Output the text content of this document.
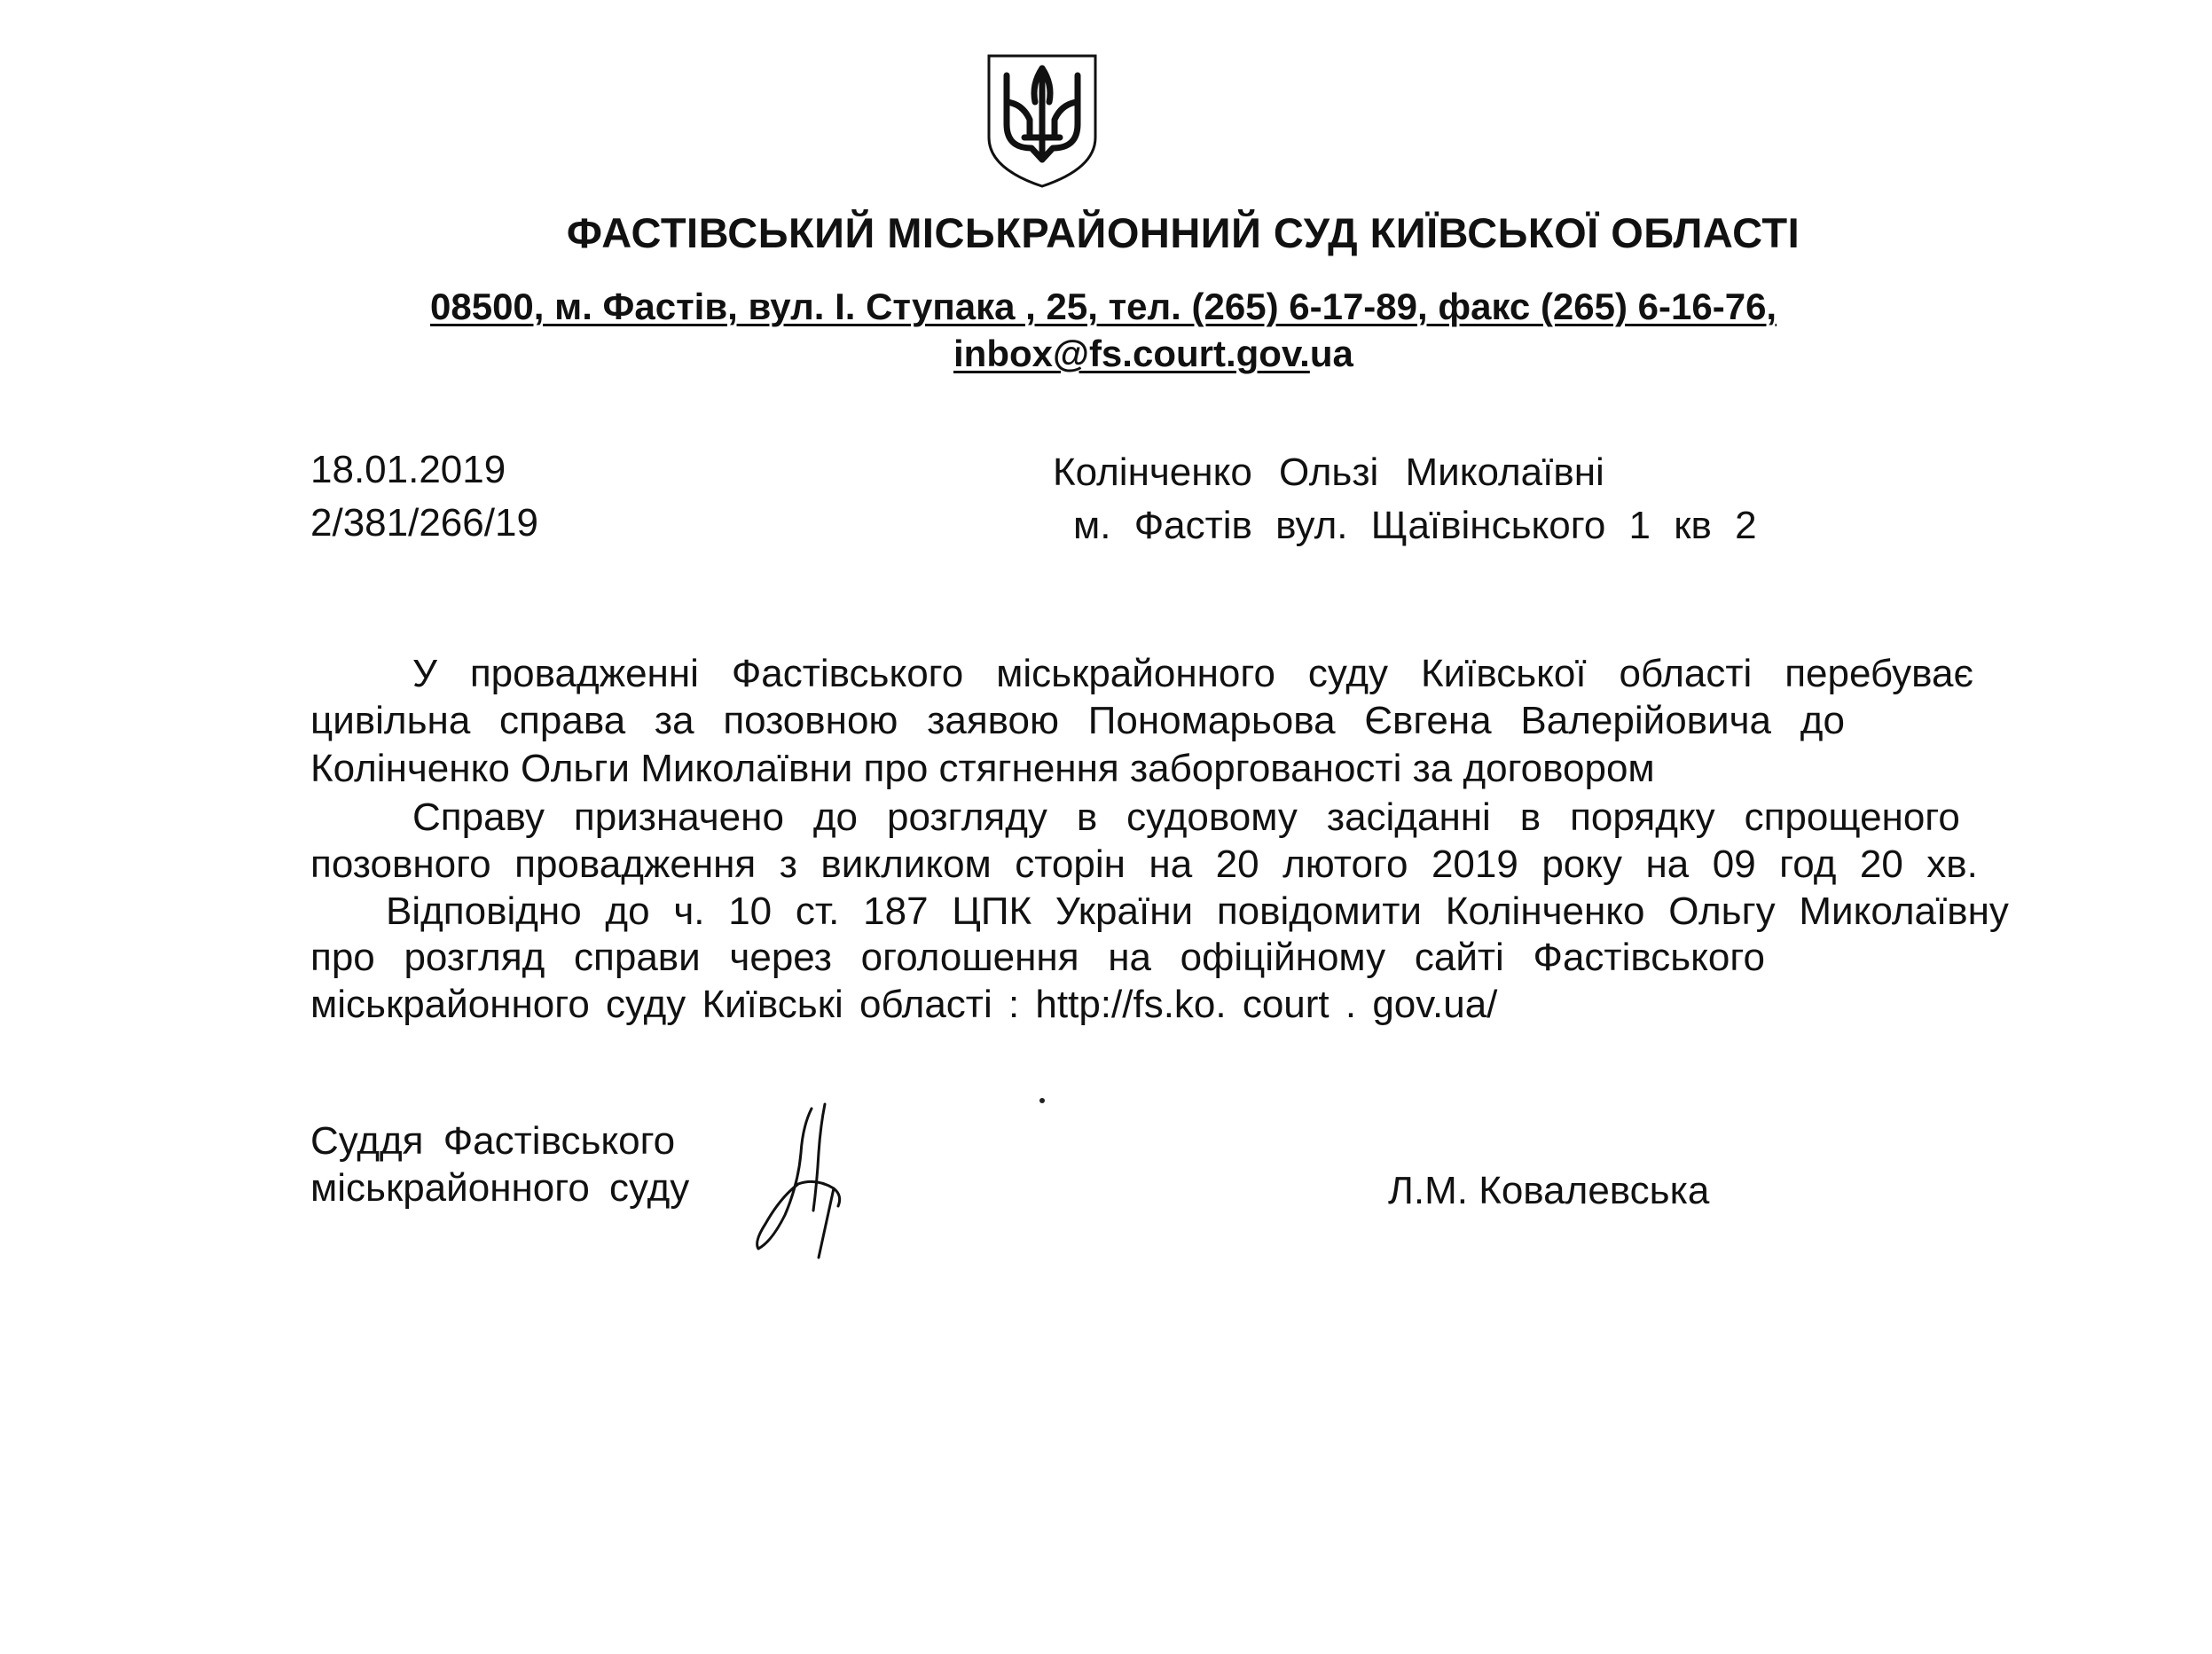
ФАСТІВСЬКИЙ МІСЬКРАЙОННИЙ СУД КИЇВСЬКОЇ ОБЛАСТІ
08500, м. Фастів, вул. І. Ступака , 25, тел. (265) 6-17-89, факс (265) 6-16-76,
inbox@fs.court.gov.ua
18.01.2019
2/381/266/19
Колінченко Ользі Миколаївні
м. Фастів вул. Щаївінського 1 кв 2
У провадженні Фастівського міськрайонного суду Київської області перебуває
цивільна справа за позовною заявою Пономарьова Євгена Валерійовича до
Колінченко Ольги Миколаївни про стягнення заборгованості за договором
Справу призначено до розгляду в судовому засіданні в порядку спрощеного
позовного провадження з викликом сторін на 20 лютого 2019 року на 09 год 20 хв.
Відповідно до ч. 10 ст. 187 ЦПК України повідомити Колінченко Ольгу Миколаївну
про розгляд справи через оголошення на офіційному сайті Фастівського
міськрайонного суду Київські області : http://fs.ko. court . gov.ua/
Суддя Фастівського
міськрайонного суду	Л.М. Ковалевська
